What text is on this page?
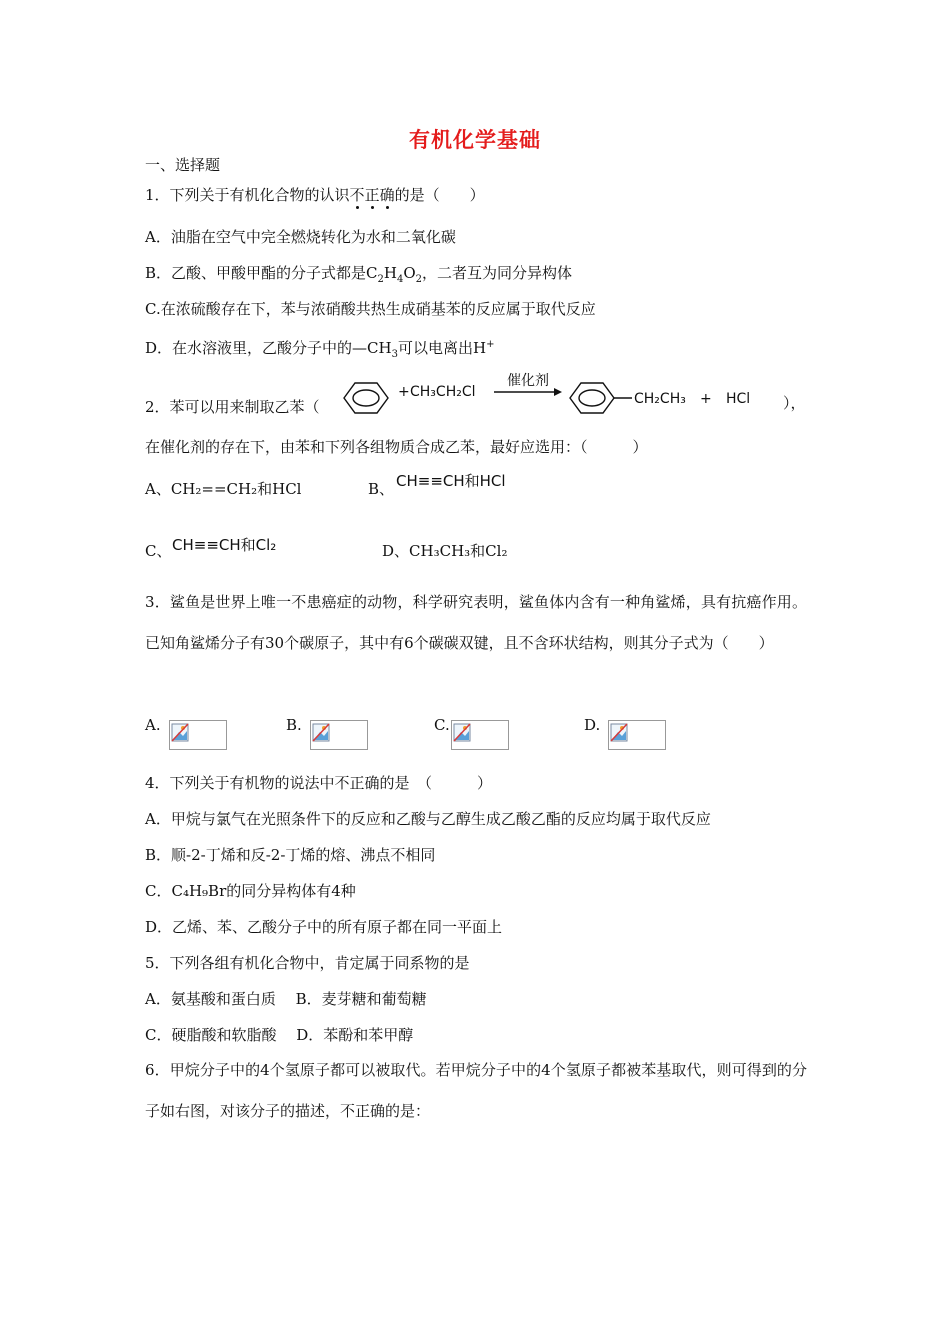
有机化学基础
一、选择题
1．下列关于有机化合物的认识不正确的是（　　）
A．油脂在空气中完全燃烧转化为水和二氧化碳
B．乙酸、甲酸甲酯的分子式都是$C_2H_4O_2$，二者互为同分异构体
C.在浓硫酸存在下，苯与浓硝酸共热生成硝基苯的反应属于取代反应
D．在水溶液里，乙酸分子中的$—CH_3$可以电离出H+
2．苯可以用来制取乙苯（
+ CH₃CH₂Cl
催化剂
CH₂CH₃ + HCl ），
在催化剂的存在下，由苯和下列各组物质合成乙苯，最好应选用：（　　　）
A、CH₂==CH₂和HCl	B、 CH≡≡CH和HCl
C、 CH≡≡CH和Cl₂	D、CH₃CH₃和Cl₂
3．鲨鱼是世界上唯一不患癌症的动物，科学研究表明，鲨鱼体内含有一种角鲨烯，具有抗癌作用。已知角鲨烯分子有30个碳原子，其中有6个碳碳双键，且不含环状结构，则其分子式为（　　）
A.	B.	C.	D.
4．下列关于有机物的说法中不正确的是　（　　　）
A．甲烷与氯气在光照条件下的反应和乙酸与乙醇生成乙酸乙酯的反应均属于取代反应
B．顺-2-丁烯和反-2-丁烯的熔、沸点不相同
C．C₄H₉Br的同分异构体有4种
D．乙烯、苯、乙酸分子中的所有原子都在同一平面上
5．下列各组有机化合物中，肯定属于同系物的是
A．氨基酸和蛋白质　 B．麦芽糖和葡萄糖
C．硬脂酸和软脂酸　 D．苯酚和苯甲醇
6．甲烷分子中的4个氢原子都可以被取代。若甲烷分子中的4个氢原子都被苯基取代，则可得到的分子如右图，对该分子的描述，不正确的是：
